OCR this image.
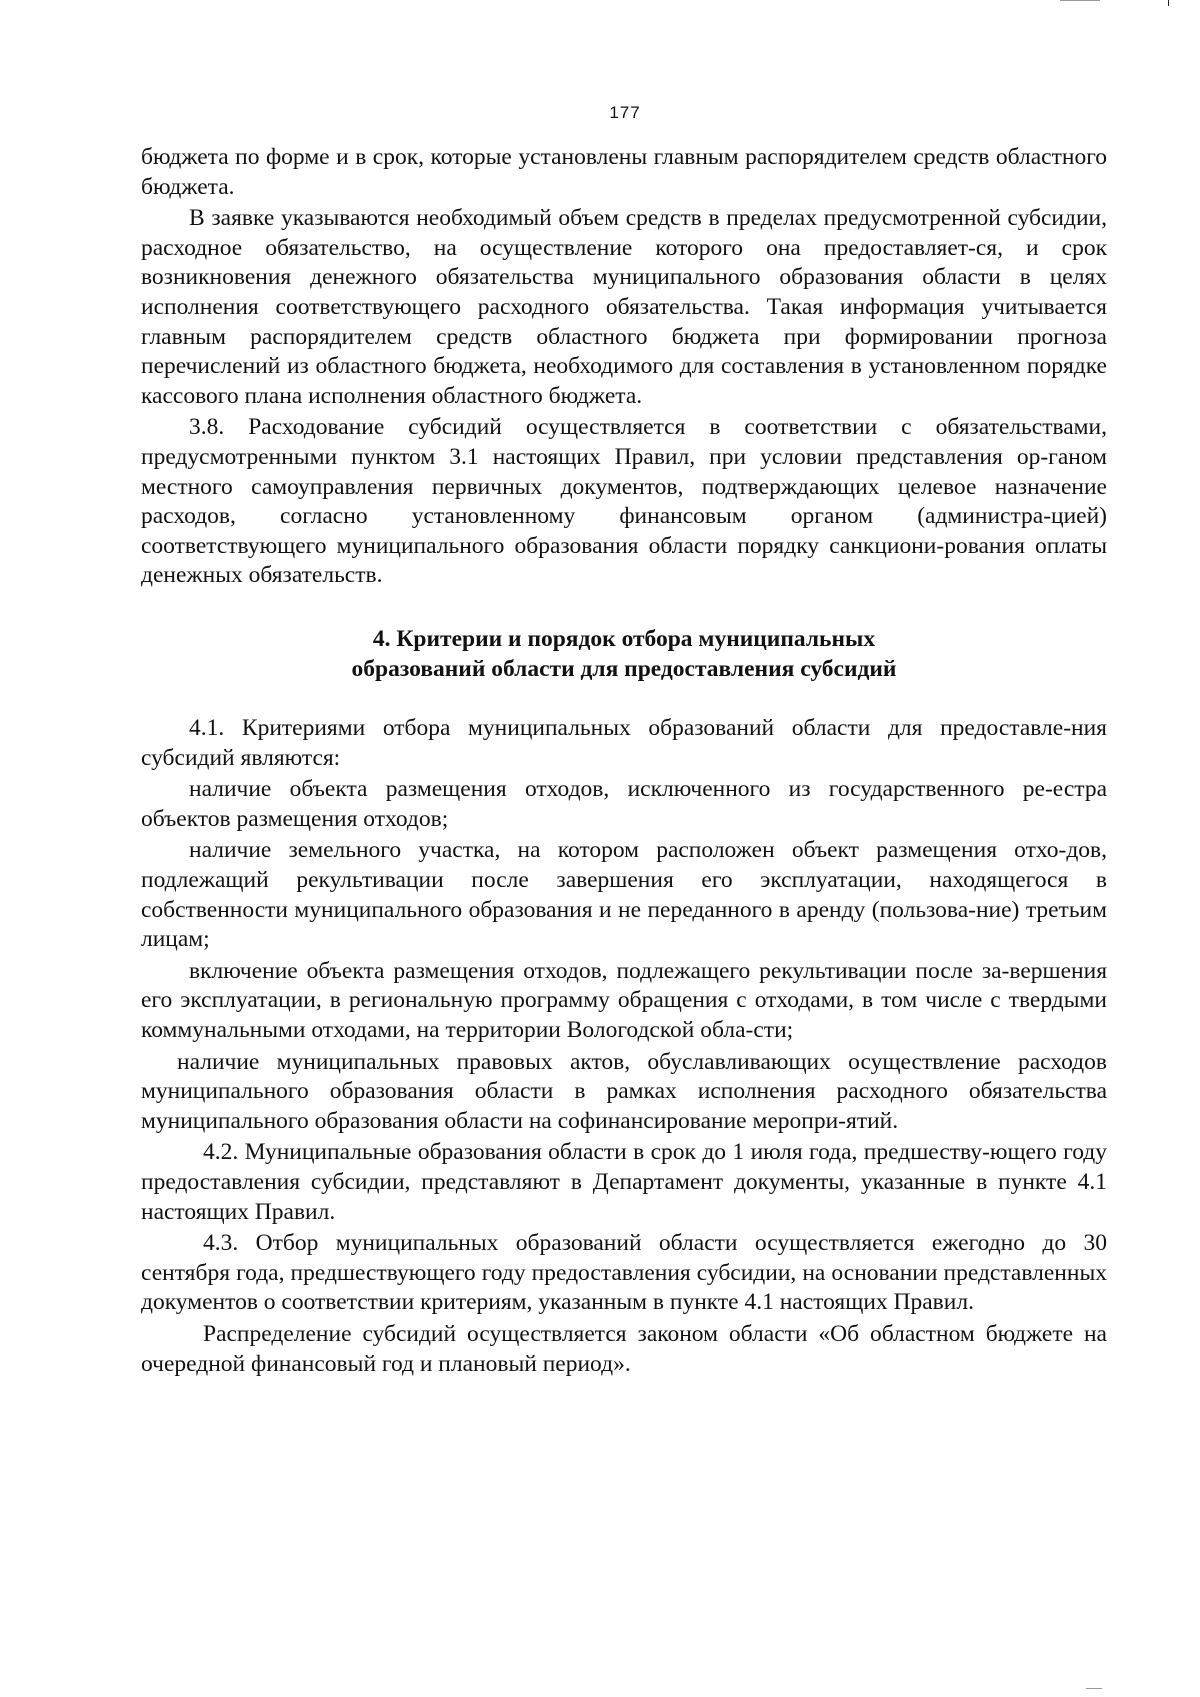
177

бюджета по форме и в срок, которые установлены главным распорядителем средств областного бюджета.

В заявке указываются необходимый объем средств в пределах предусмотренной субсидии, расходное обязательство, на осуществление которого она предоставляет-ся, и срок возникновения денежного обязательства муниципального образования области в целях исполнения соответствующего расходного обязательства. Такая информация учитывается главным распорядителем средств областного бюджета при формировании прогноза перечислений из областного бюджета, необходимого для составления в установленном порядке кассового плана исполнения областного бюджета.

3.8. Расходование субсидий осуществляется в соответствии с обязательствами, предусмотренными пунктом 3.1 настоящих Правил, при условии представления ор-ганом местного самоуправления первичных документов, подтверждающих целевое назначение расходов, согласно установленному финансовым органом (администра-цией) соответствующего муниципального образования области порядку санкциони-рования оплаты денежных обязательств.

4. Критерии и порядок отбора муниципальных
образований области для предоставления субсидий

4.1. Критериями отбора муниципальных образований области для предоставле-ния субсидий являются:

наличие объекта размещения отходов, исключенного из государственного ре-естра объектов размещения отходов;

наличие земельного участка, на котором расположен объект размещения отхо-дов, подлежащий рекультивации после завершения его эксплуатации, находящегося в собственности муниципального образования и не переданного в аренду (пользова-ние) третьим лицам;

включение объекта размещения отходов, подлежащего рекультивации после за-вершения его эксплуатации, в региональную программу обращения с отходами, в том числе с твердыми коммунальными отходами, на территории Вологодской обла-сти;

наличие муниципальных правовых актов, обуславливающих осуществление расходов муниципального образования области в рамках исполнения расходного обязательства муниципального образования области на софинансирование меропри-ятий.

4.2. Муниципальные образования области в срок до 1 июля года, предшеству-ющего году предоставления субсидии, представляют в Департамент документы, указанные в пункте 4.1 настоящих Правил.

4.3. Отбор муниципальных образований области осуществляется ежегодно до 30 сентября года, предшествующего году предоставления субсидии, на основании представленных документов о соответствии критериям, указанным в пункте 4.1 настоящих Правил.

Распределение субсидий осуществляется законом области «Об областном бюджете на очередной финансовый год и плановый период».
